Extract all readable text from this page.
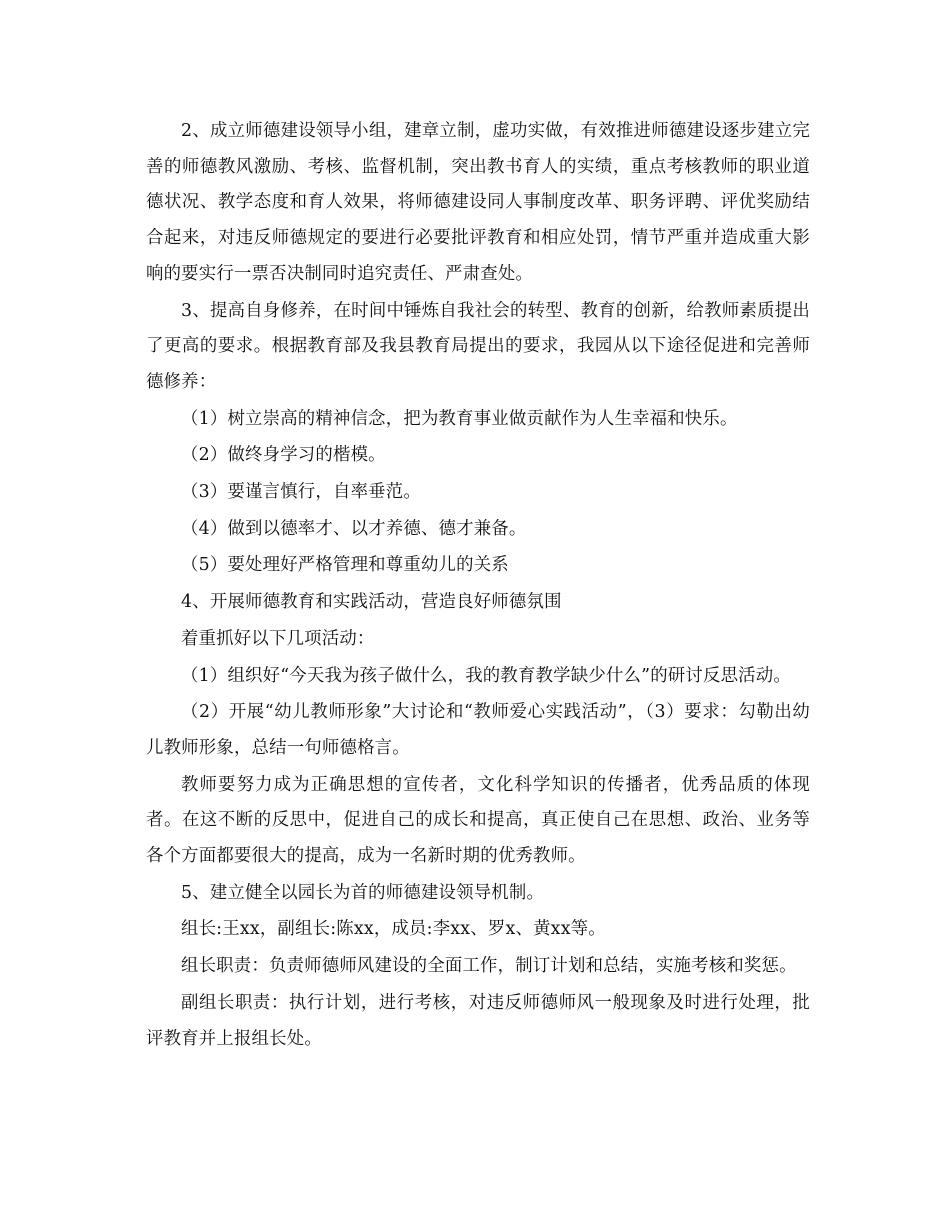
2、成立师德建设领导小组，建章立制，虚功实做，有效推进师德建设逐步建立完善的师德教风激励、考核、监督机制，突出教书育人的实绩，重点考核教师的职业道德状况、教学态度和育人效果，将师德建设同人事制度改革、职务评聘、评优奖励结合起来，对违反师德规定的要进行必要批评教育和相应处罚，情节严重并造成重大影响的要实行一票否决制同时追究责任、严肃查处。

3、提高自身修养，在时间中锤炼自我社会的转型、教育的创新，给教师素质提出了更高的要求。根据教育部及我县教育局提出的要求，我园从以下途径促进和完善师德修养：

（1）树立崇高的精神信念，把为教育事业做贡献作为人生幸福和快乐。

（2）做终身学习的楷模。

（3）要谨言慎行，自率垂范。

（4）做到以德率才、以才养德、德才兼备。

（5）要处理好严格管理和尊重幼儿的关系

4、开展师德教育和实践活动，营造良好师德氛围

着重抓好以下几项活动：

（1）组织好“今天我为孩子做什么，我的教育教学缺少什么”的研讨反思活动。

（2）开展“幼儿教师形象”大讨论和“教师爱心实践活动”，（3）要求：勾勒出幼儿教师形象，总结一句师德格言。

教师要努力成为正确思想的宣传者，文化科学知识的传播者，优秀品质的体现者。在这不断的反思中，促进自己的成长和提高，真正使自己在思想、政治、业务等各个方面都要很大的提高，成为一名新时期的优秀教师。

5、建立健全以园长为首的师德建设领导机制。

组长:王xx，副组长:陈xx，成员:李xx、罗x、黄xx等。

组长职责：负责师德师风建设的全面工作，制订计划和总结，实施考核和奖惩。

副组长职责：执行计划，进行考核，对违反师德师风一般现象及时进行处理，批评教育并上报组长处。
